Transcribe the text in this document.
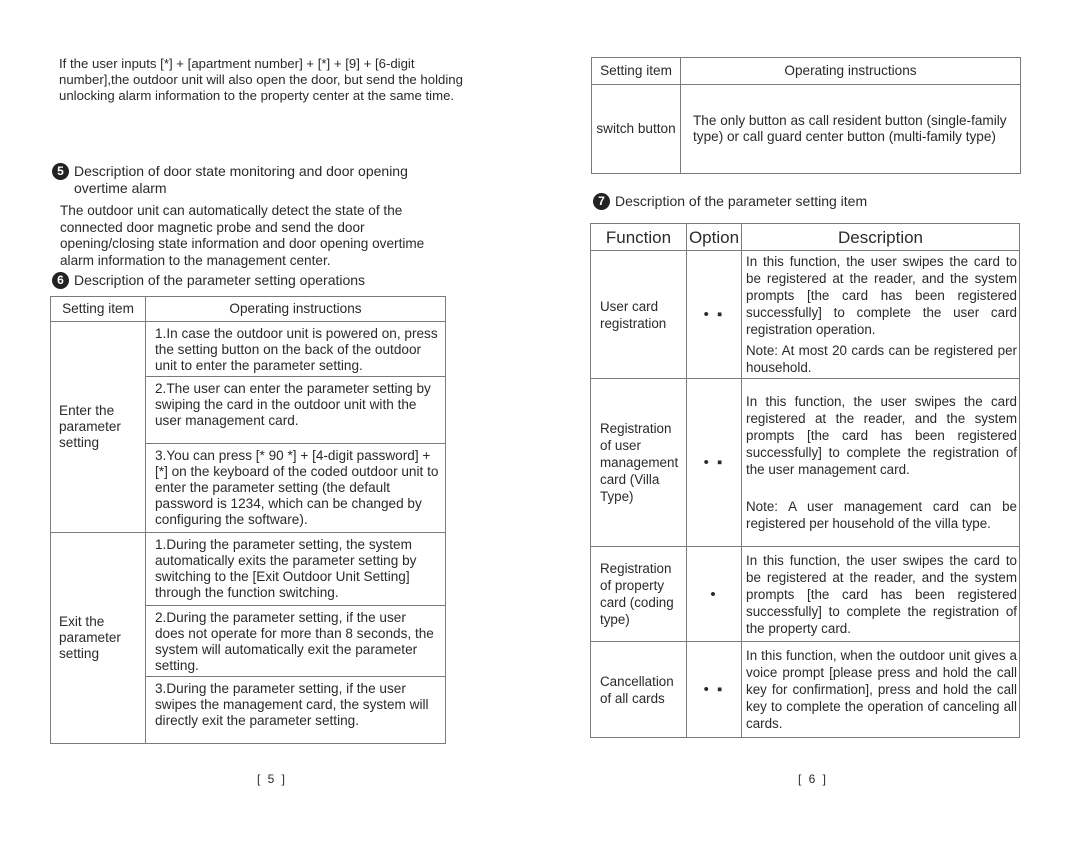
If the user inputs [*] + [apartment number] + [*] + [9] + [6-digit number],the outdoor unit will also open the door, but send the holding unlocking alarm information to the property center at the same time.

5 Description of door state monitoring and door opening
overtime alarm

The outdoor unit can automatically detect the state of the connected door magnetic probe and send the door opening/closing state information and door opening overtime alarm information to the management center.

6 Description of the parameter setting operations
Setting item	Operating instructions
Enter the parameter setting	1.In case the outdoor unit is powered on, press the setting button on the back of the outdoor unit to enter the parameter setting.
2.The user can enter the parameter setting by swiping the card in the outdoor unit with the user management card.
3.You can press [* 90 *] + [4-digit password] + [*] on the keyboard of the coded outdoor unit to enter the parameter setting (the default password is 1234, which can be changed by configuring the software).

Exit the parameter setting	1.During the parameter setting, the system automatically exits the parameter setting by switching to the [Exit Outdoor Unit Setting] through the function switching.
2.During the parameter setting, if the user does not operate for more than 8 seconds, the system will automatically exit the parameter setting.
3.During the parameter setting, if the user swipes the management card, the system will directly exit the parameter setting.
[ 5 ]
Setting item	Operating instructions
switch button	The only button as call resident button (single-family type) or call guard center button (multi-family type)
7 Description of the parameter setting item
Function	Option	Description
User card registration	• ▪	In this function, the user swipes the card to be registered at the reader, and the system prompts [the card has been registered successfully] to complete the user card registration operation.
Note: At most 20 cards can be registered per household.

Registration of user management card (Villa Type)	• ▪	In this function, the user swipes the card registered at the reader, and the system prompts [the card has been registered successfully] to complete the registration of the user management card.
Note: A user management card can be registered per household of the villa type.

Registration of property card (coding type)	•	In this function, the user swipes the card to be registered at the reader, and the system prompts [the card has been registered successfully] to complete the registration of the property card.
Cancellation of all cards	• ▪	In this function, when the outdoor unit gives a voice prompt [please press and hold the call key for confirmation], press and hold the call key to complete the operation of canceling all cards.
[ 6 ]
